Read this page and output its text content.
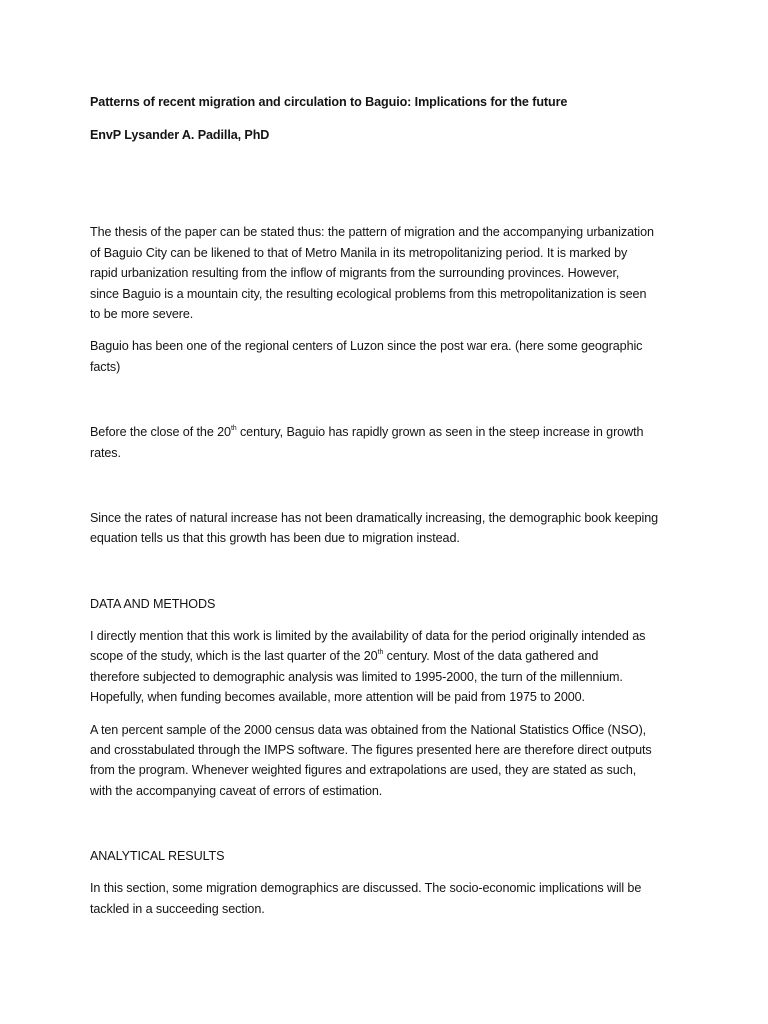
Patterns of recent migration and circulation to Baguio: Implications for the future
EnvP Lysander A. Padilla, PhD
The thesis of the paper can be stated thus: the pattern of migration and the accompanying urbanization
of Baguio City can be likened to that of Metro Manila in its metropolitanizing period. It is marked by
rapid urbanization resulting from the inflow of migrants from the surrounding provinces. However,
since Baguio is a mountain city, the resulting ecological problems from this metropolitanization is seen
to be more severe.
Baguio has been one of the regional centers of Luzon since the post war era. (here some geographic
facts)
Before the close of the 20th century, Baguio has rapidly grown as seen in the steep increase in growth
rates.
Since the rates of natural increase has not been dramatically increasing, the demographic book keeping
equation tells us that this growth has been due to migration instead.
DATA AND METHODS
I directly mention that this work is limited by the availability of data for the period originally intended as
scope of the study, which is the last quarter of the 20th century. Most of the data gathered and
therefore subjected to demographic analysis was limited to 1995-2000, the turn of the millennium.
Hopefully, when funding becomes available, more attention will be paid from 1975 to 2000.
A ten percent sample of the 2000 census data was obtained from the National Statistics Office (NSO),
and crosstabulated through the IMPS software. The figures presented here are therefore direct outputs
from the program. Whenever weighted figures and extrapolations are used, they are stated as such,
with the accompanying caveat of errors of estimation.
ANALYTICAL RESULTS
In this section, some migration demographics are discussed. The socio-economic implications will be
tackled in a succeeding section.
